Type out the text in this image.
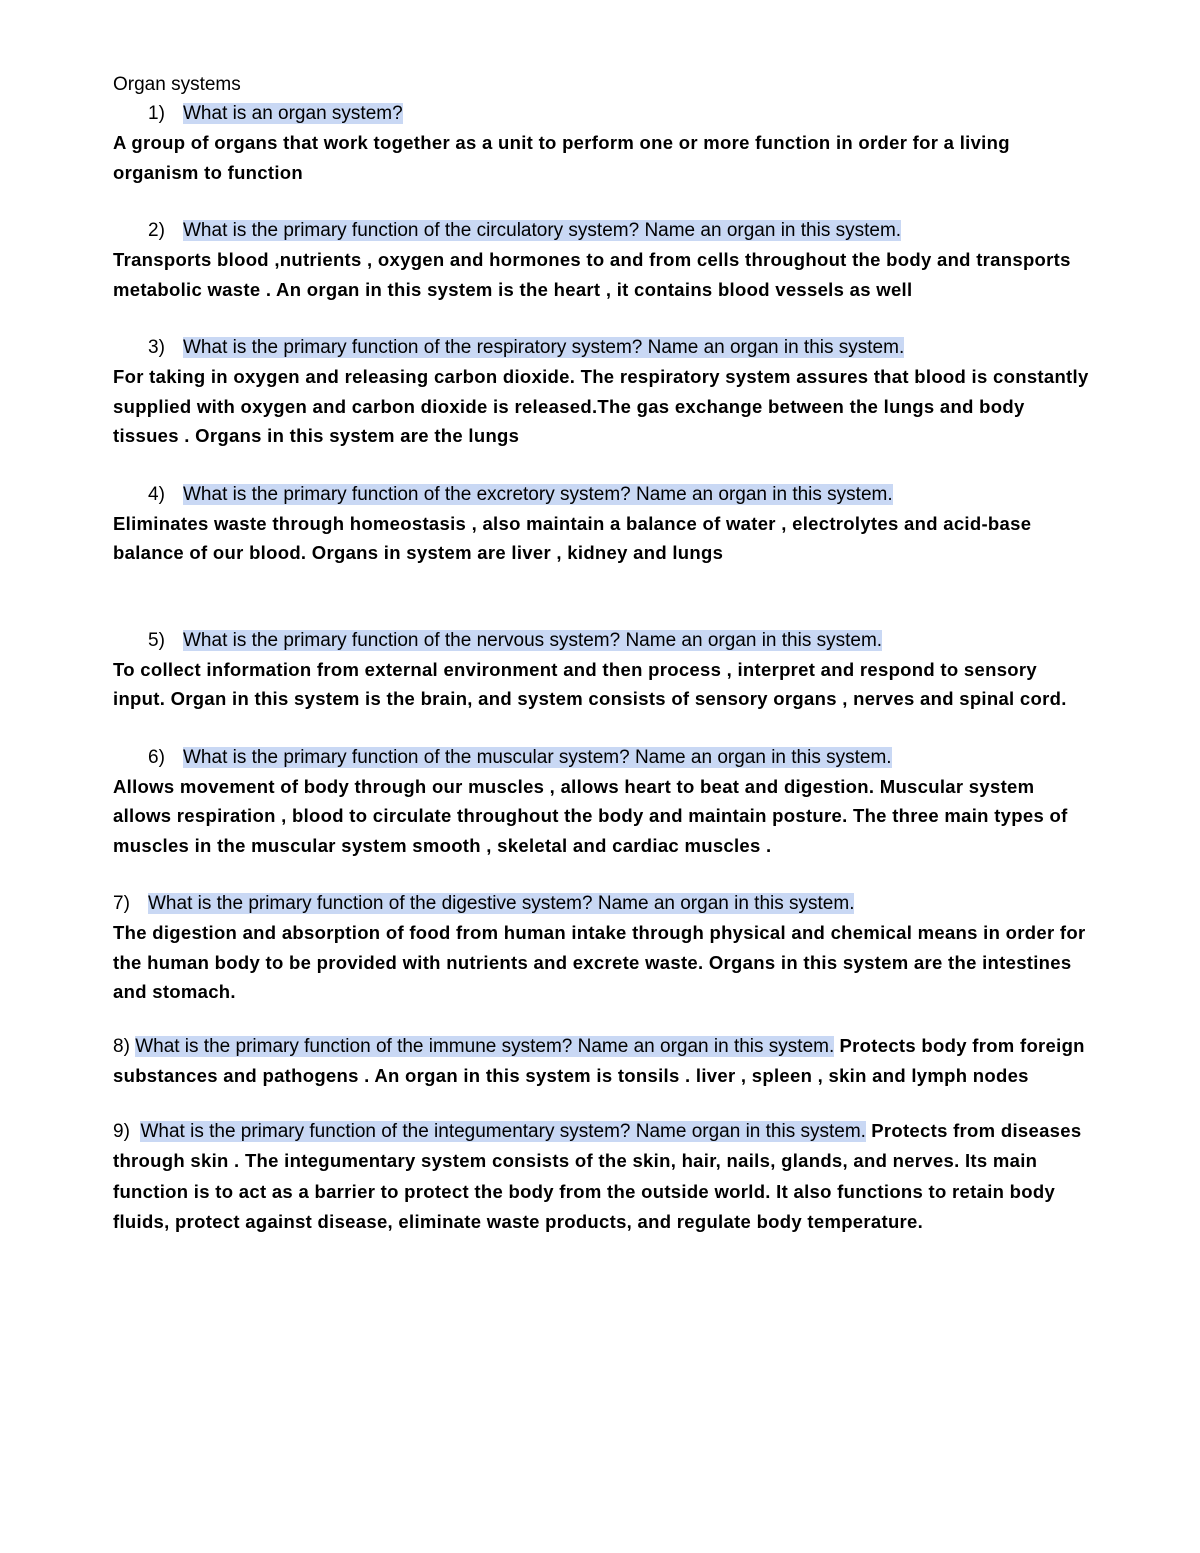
Organ systems

1) What is an organ system?

A group of organs that work together as a unit to perform one or more function in order for a living organism to function

2) What is the primary function of the circulatory system? Name an organ in this system.

Transports blood ,nutrients , oxygen and hormones to and from cells throughout the body and transports metabolic waste . An organ in this system is the heart , it contains blood vessels as well

3) What is the primary function of the respiratory system? Name an organ in this system.

For taking in oxygen and releasing carbon dioxide. The respiratory system assures that blood is constantly supplied with oxygen and carbon dioxide is released.The gas exchange between the lungs and body tissues . Organs in this system are the lungs

4) What is the primary function of the excretory system? Name an organ in this system.

Eliminates waste through homeostasis , also maintain a balance of water , electrolytes and acid-base balance of our blood. Organs in system are liver , kidney and lungs

5) What is the primary function of the nervous system? Name an organ in this system.

To collect information from external environment and then process , interpret and respond to sensory input. Organ in this system is the brain, and system consists of sensory organs , nerves and spinal cord.

6) What is the primary function of the muscular system? Name an organ in this system.

Allows movement of body through our muscles , allows heart to beat and digestion. Muscular system allows respiration , blood to circulate throughout the body and maintain posture. The three main types of muscles in the muscular system smooth , skeletal and cardiac muscles .

7) What is the primary function of the digestive system? Name an organ in this system.

The digestion and absorption of food from human intake through physical and chemical means in order for the human body to be provided with nutrients and excrete waste. Organs in this system are the intestines and stomach.

8) What is the primary function of the immune system? Name an organ in this system. Protects body from foreign substances and pathogens . An organ in this system is tonsils . liver , spleen , skin and lymph nodes

9) What is the primary function of the integumentary system? Name organ in this system. Protects from diseases through skin . The integumentary system consists of the skin, hair, nails, glands, and nerves. Its main function is to act as a barrier to protect the body from the outside world. It also functions to retain body fluids, protect against disease, eliminate waste products, and regulate body temperature.
